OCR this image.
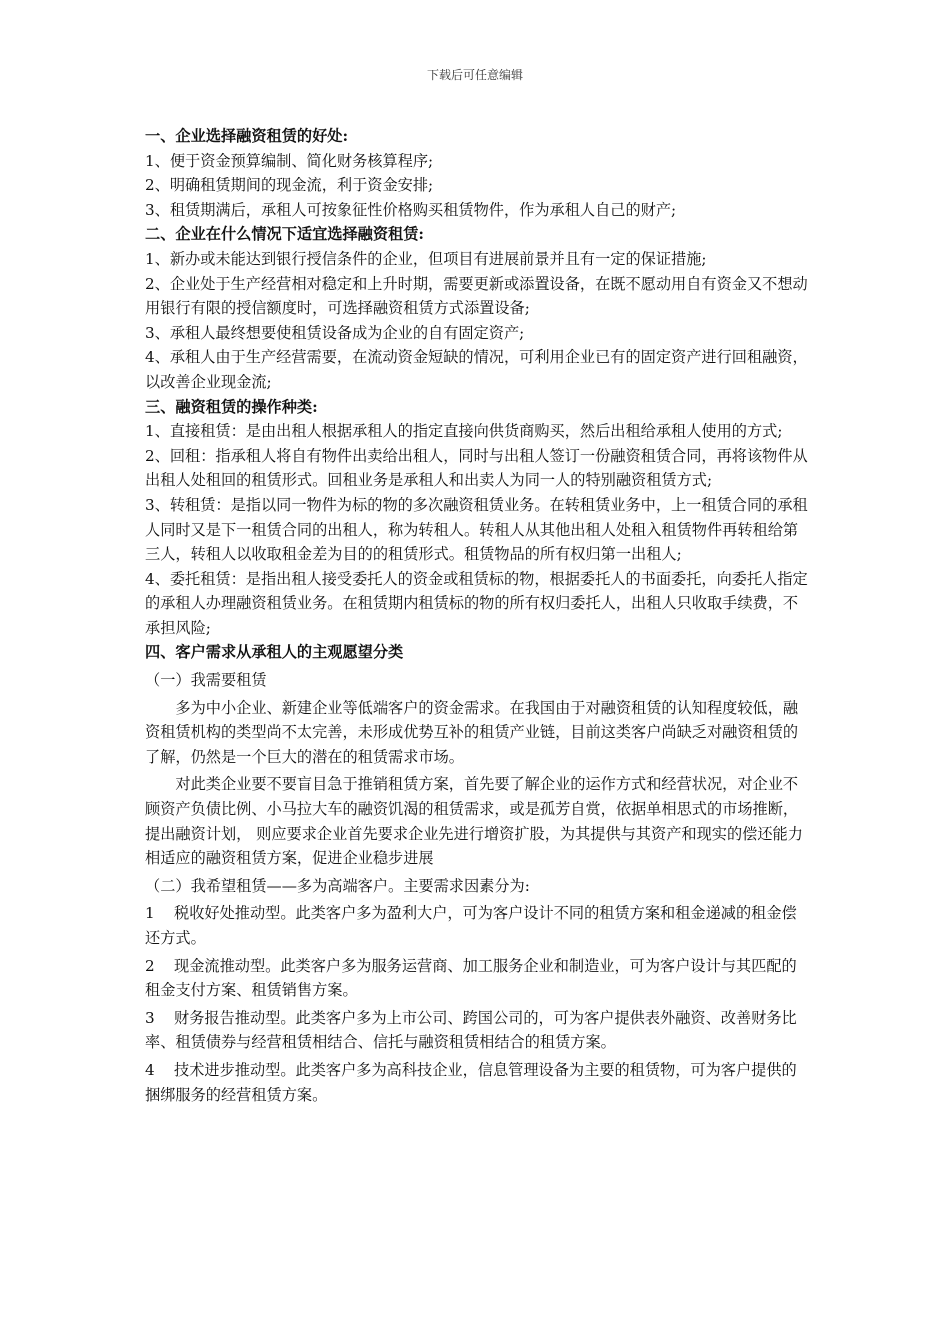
下载后可任意编辑

一、企业选择融资租赁的好处:

1、便于资金预算编制、简化财务核算程序;

2、明确租赁期间的现金流，利于资金安排;

3、租赁期满后，承租人可按象征性价格购买租赁物件，作为承租人自己的财产;

二、企业在什么情况下适宜选择融资租赁:

1、新办或未能达到银行授信条件的企业，但项目有进展前景并且有一定的保证措施;

2、企业处于生产经营相对稳定和上升时期，需要更新或添置设备，在既不愿动用自有资金又不想动用银行有限的授信额度时，可选择融资租赁方式添置设备;

3、承租人最终想要使租赁设备成为企业的自有固定资产;

4、承租人由于生产经营需要，在流动资金短缺的情况，可利用企业已有的固定资产进行回租融资，以改善企业现金流;

三、融资租赁的操作种类:

1、直接租赁：是由出租人根据承租人的指定直接向供货商购买，然后出租给承租人使用的方式;

2、回租：指承租人将自有物件出卖给出租人，同时与出租人签订一份融资租赁合同，再将该物件从出租人处租回的租赁形式。回租业务是承租人和出卖人为同一人的特别融资租赁方式;

3、转租赁：是指以同一物件为标的物的多次融资租赁业务。在转租赁业务中，上一租赁合同的承租人同时又是下一租赁合同的出租人，称为转租人。转租人从其他出租人处租入租赁物件再转租给第三人，转租人以收取租金差为目的的租赁形式。租赁物品的所有权归第一出租人;

4、委托租赁：是指出租人接受委托人的资金或租赁标的物，根据委托人的书面委托，向委托人指定的承租人办理融资租赁业务。在租赁期内租赁标的物的所有权归委托人，出租人只收取手续费，不承担风险;

四、客户需求从承租人的主观愿望分类

（一）我需要租赁

多为中小企业、新建企业等低端客户的资金需求。在我国由于对融资租赁的认知程度较低，融资租赁机构的类型尚不太完善，未形成优势互补的租赁产业链，目前这类客户尚缺乏对融资租赁的了解，仍然是一个巨大的潜在的租赁需求市场。

对此类企业要不要盲目急于推销租赁方案，首先要了解企业的运作方式和经营状况，对企业不顾资产负债比例、小马拉大车的融资饥渴的租赁需求，或是孤芳自赏，依据单相思式的市场推断，提出融资计划， 则应要求企业首先要求企业先进行增资扩股，为其提供与其资产和现实的偿还能力相适应的融资租赁方案，促进企业稳步进展

（二）我希望租赁——多为高端客户。主要需求因素分为:

1 税收好处推动型。此类客户多为盈利大户，可为客户设计不同的租赁方案和租金递减的租金偿还方式。

2 现金流推动型。此类客户多为服务运营商、加工服务企业和制造业，可为客户设计与其匹配的租金支付方案、租赁销售方案。

3 财务报告推动型。此类客户多为上市公司、跨国公司的，可为客户提供表外融资、改善财务比率、租赁债券与经营租赁相结合、信托与融资租赁相结合的租赁方案。

4 技术进步推动型。此类客户多为高科技企业，信息管理设备为主要的租赁物，可为客户提供的捆绑服务的经营租赁方案。
